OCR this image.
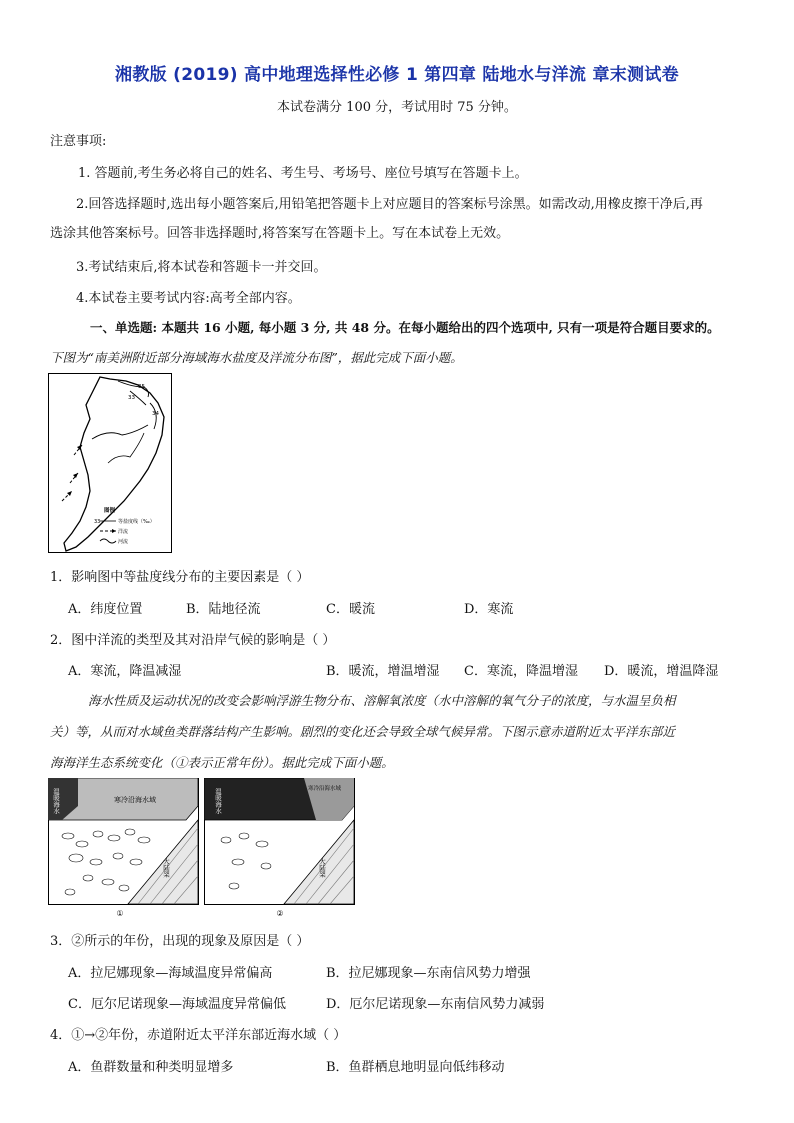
湘教版 (2019) 高中地理选择性必修 1 第四章 陆地水与洋流 章末测试卷
本试卷满分 100 分，考试用时 75 分钟。
注意事项:
1. 答题前,考生务必将自己的姓名、考生号、考场号、座位号填写在答题卡上。
2.回答选择题时,选出每小题答案后,用铅笔把答题卡上对应题目的答案标号涂黑。如需改动,用橡皮擦干净后,再
选涂其他答案标号。回答非选择题时,将答案写在答题卡上。写在本试卷上无效。
3.考试结束后,将本试卷和答题卡一并交回。
4.本试卷主要考试内容:高考全部内容。
一、单选题: 本题共 16 小题, 每小题 3 分, 共 48 分。在每小题给出的四个选项中, 只有一项是符合题目要求的。
下图为“南美洲附近部分海域海水盐度及洋流分布图”，据此完成下面小题。
35
33
34
图例
33	等盐度线（‰）
洋流
河流
1．影响图中等盐度线分布的主要因素是（ ）
A．纬度位置	B．陆地径流	C．暖流	D．寒流
2．图中洋流的类型及其对沿岸气候的影响是（ ）
A．寒流，降温减湿	B．暖流，增温增湿 C．寒流，降温增湿 D．暖流，增温降湿
海水性质及运动状况的改变会影响浮游生物分布、溶解氧浓度（水中溶解的氧气分子的浓度，与水温呈负相
关）等，从而对水域鱼类群落结构产生影响。剧烈的变化还会导致全球气候异常。下图示意赤道附近太平洋东部近
海海洋生态系统变化（①表示正常年份）。据此完成下面小题。
温暖海水	寒冷沿海水域
大陆架
①
温暖海水	寒冷沿海水域
大陆架
②
3．②所示的年份，出现的现象及原因是（ ）
A．拉尼娜现象—海域温度异常偏高	B．拉尼娜现象—东南信风势力增强
C．厄尔尼诺现象—海域温度异常偏低	D．厄尔尼诺现象—东南信风势力减弱
4．①→②年份，赤道附近太平洋东部近海水域（ ）
A．鱼群数量和种类明显增多	B．鱼群栖息地明显向低纬移动
